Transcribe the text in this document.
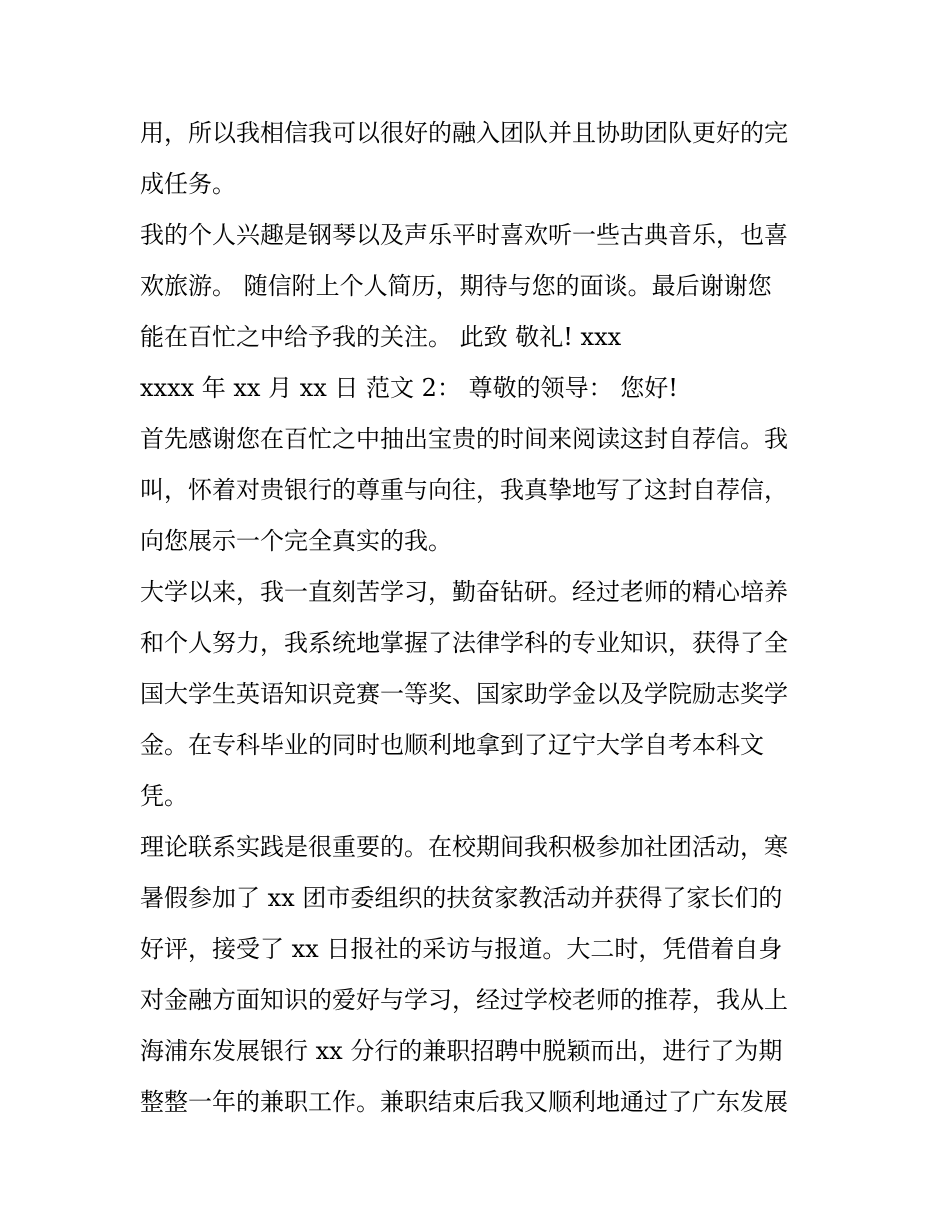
用，所以我相信我可以很好的融入团队并且协助团队更好的完
成任务。
我的个人兴趣是钢琴以及声乐平时喜欢听一些古典音乐，也喜
欢旅游。 随信附上个人简历，期待与您的面谈。最后谢谢您
能在百忙之中给予我的关注。 此致 敬礼! xxx
xxxx 年 xx 月 xx 日 范文 2： 尊敬的领导： 您好!
首先感谢您在百忙之中抽出宝贵的时间来阅读这封自荐信。我
叫，怀着对贵银行的尊重与向往，我真挚地写了这封自荐信，
向您展示一个完全真实的我。
大学以来，我一直刻苦学习，勤奋钻研。经过老师的精心培养
和个人努力，我系统地掌握了法律学科的专业知识，获得了全
国大学生英语知识竞赛一等奖、国家助学金以及学院励志奖学
金。在专科毕业的同时也顺利地拿到了辽宁大学自考本科文
凭。
理论联系实践是很重要的。在校期间我积极参加社团活动，寒
暑假参加了 xx 团市委组织的扶贫家教活动并获得了家长们的
好评，接受了 xx 日报社的采访与报道。大二时，凭借着自身
对金融方面知识的爱好与学习，经过学校老师的推荐，我从上
海浦东发展银行 xx 分行的兼职招聘中脱颖而出，进行了为期
整整一年的兼职工作。兼职结束后我又顺利地通过了广东发展
